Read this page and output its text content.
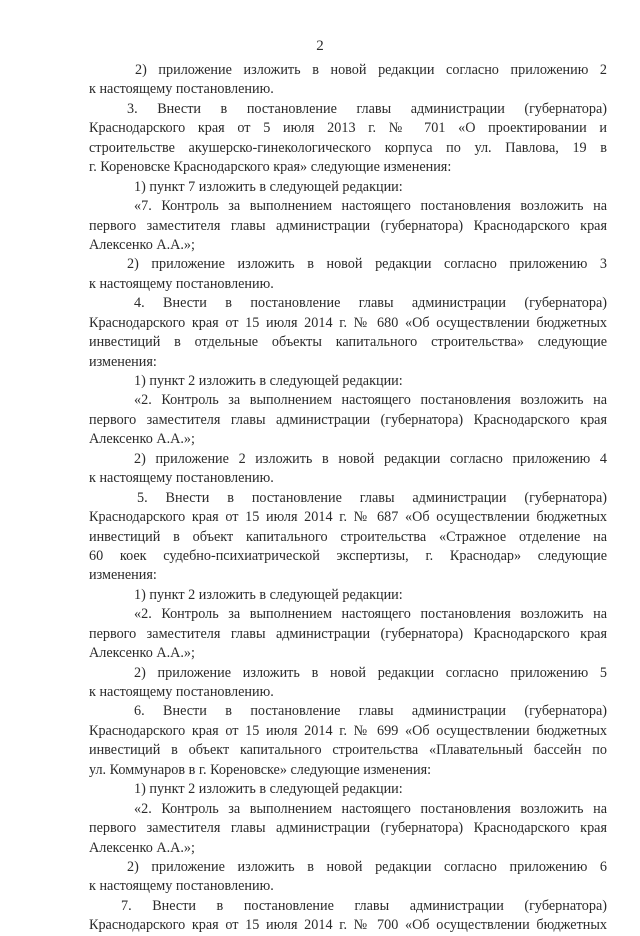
2
2) приложение изложить в новой редакции согласно приложению 2
к настоящему постановлению.
3. Внести в постановление главы администрации (губернатора)
Краснодарского края от 5 июля 2013 г. № 701 «О проектировании и
строительстве акушерско-гинекологического корпуса по ул. Павлова, 19 в
г. Кореновске Краснодарского края» следующие изменения:
1) пункт 7 изложить в следующей редакции:
«7. Контроль за выполнением настоящего постановления возложить на
первого заместителя главы администрации (губернатора) Краснодарского края
Алексенко А.А.»;
2) приложение изложить в новой редакции согласно приложению 3
к настоящему постановлению.
4. Внести в постановление главы администрации (губернатора)
Краснодарского края от 15 июля 2014 г. № 680 «Об осуществлении бюджетных
инвестиций в отдельные объекты капитального строительства» следующие
изменения:
1) пункт 2 изложить в следующей редакции:
«2. Контроль за выполнением настоящего постановления возложить на
первого заместителя главы администрации (губернатора) Краснодарского края
Алексенко А.А.»;
2) приложение 2 изложить в новой редакции согласно приложению 4
к настоящему постановлению.
5. Внести в постановление главы администрации (губернатора)
Краснодарского края от 15 июля 2014 г. № 687 «Об осуществлении бюджетных
инвестиций в объект капитального строительства «Стражное отделение на
60 коек судебно-психиатрической экспертизы, г. Краснодар» следующие
изменения:
1) пункт 2 изложить в следующей редакции:
«2. Контроль за выполнением настоящего постановления возложить на
первого заместителя главы администрации (губернатора) Краснодарского края
Алексенко А.А.»;
2) приложение изложить в новой редакции согласно приложению 5
к настоящему постановлению.
6. Внести в постановление главы администрации (губернатора)
Краснодарского края от 15 июля 2014 г. № 699 «Об осуществлении бюджетных
инвестиций в объект капитального строительства «Плавательный бассейн по
ул. Коммунаров в г. Кореновске» следующие изменения:
1) пункт 2 изложить в следующей редакции:
«2. Контроль за выполнением настоящего постановления возложить на
первого заместителя главы администрации (губернатора) Краснодарского края
Алексенко А.А.»;
2) приложение изложить в новой редакции согласно приложению 6
к настоящему постановлению.
7. Внести в постановление главы администрации (губернатора)
Краснодарского края от 15 июля 2014 г. № 700 «Об осуществлении бюджетных
